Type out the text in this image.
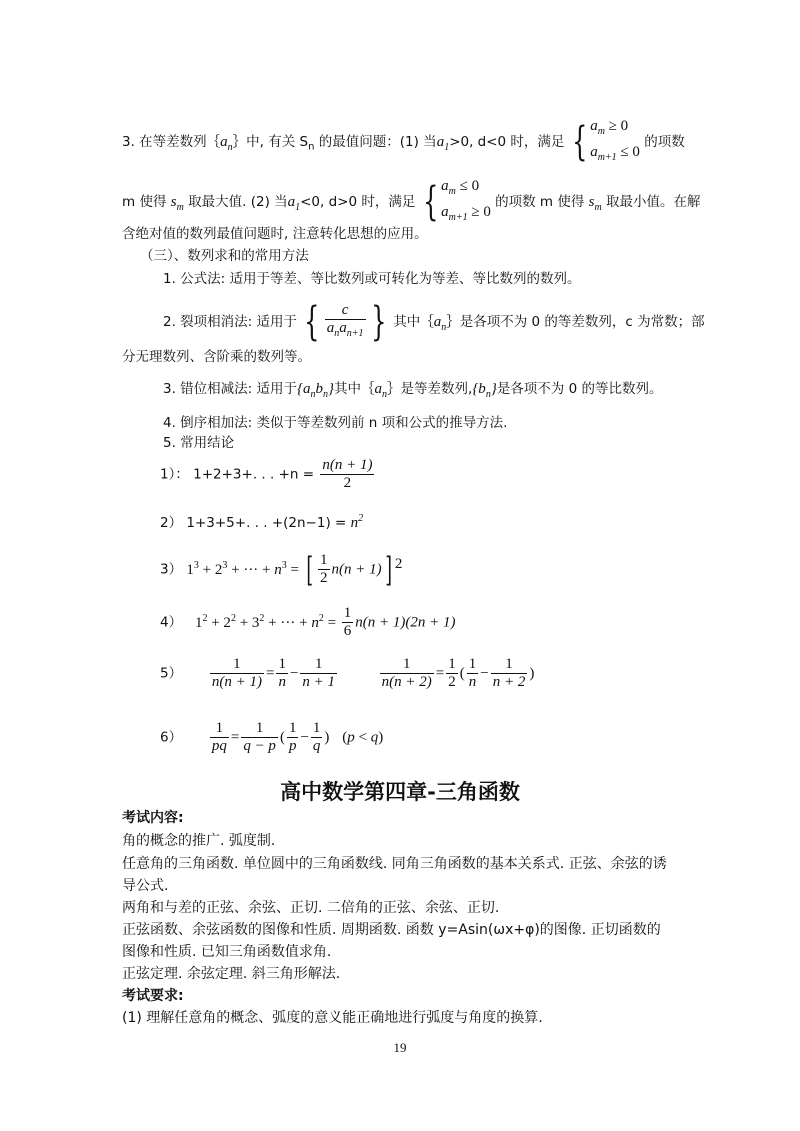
3. 在等差数列$\{a_n\}$中, 有关 $S_n$ 的最值问题：(1) 当$a_1>0$, d<0 时，满足 { $a_m \ge 0$
$a_{m+1} \le 0$ 的项数
m 使得 $s_m$ 取最大值. (2) 当$a_1<0$, d>0 时，满足 { $a_m \le 0$
$a_{m+1} \ge 0$ 的项数 m 使得 $s_m$ 取最小值。在解
含绝对值的数列最值问题时, 注意转化思想的应用。
（三）、数列求和的常用方法
1. 公式法: 适用于等差、等比数列或可转化为等差、等比数列的数列。
2. 裂项相消法: 适用于 { $\frac{c}{a_na_{n+1}}$ } 其中$\{a_n\}$是各项不为 0 的等差数列，c 为常数；部
分无理数列、含阶乘的数列等。
3. 错位相减法: 适用于$\{a_nb_n\}$其中$\{a_n\}$是等差数列$,\{b_n\}$是各项不为 0 的等比数列。
4. 倒序相加法: 类似于等差数列前 n 项和公式的推导方法.
5. 常用结论
1）： 1+2+3+. . . $+n = \frac{n(n + 1)}{2}$
2） 1+3+5+. . . $+(2n-1) = n^2$
3） $1^3 + 2^3$ + ··· + $n^3$ = [ $\frac{1}{2} n(n + 1)$] $^2$
4） $1^2 + 2^2 + 3^2$ + ··· + $n^2 = \frac{1}{6} n(n + 1)(2n + 1)$
$5) \frac{1}{n(n + 1)} = \frac{1}{n} - \frac{1}{n + 1}$
	$\frac{1}{n(n + 2)} = \frac{1}{2}$ ( $\frac{1}{n} - \frac{1}{n + 2}$ )
$6) \frac{1}{pq} = \frac{1}{q - p}$ ( $\frac{1}{p} - \frac{1}{q}$ ) (p < q)
高中数学第四章-三角函数
考试内容:
角的概念的推广. 弧度制.
任意角的三角函数. 单位圆中的三角函数线. 同角三角函数的基本关系式. 正弦、余弦的诱
导公式.
两角和与差的正弦、余弦、正切. 二倍角的正弦、余弦、正切.
正弦函数、余弦函数的图像和性质. 周期函数. 函数 y=Asin(ωx+φ)的图像. 正切函数的
图像和性质. 已知三角函数值求角.
正弦定理. 余弦定理. 斜三角形解法.
考试要求:
(1) 理解任意角的概念、弧度的意义能正确地进行弧度与角度的换算.
19
